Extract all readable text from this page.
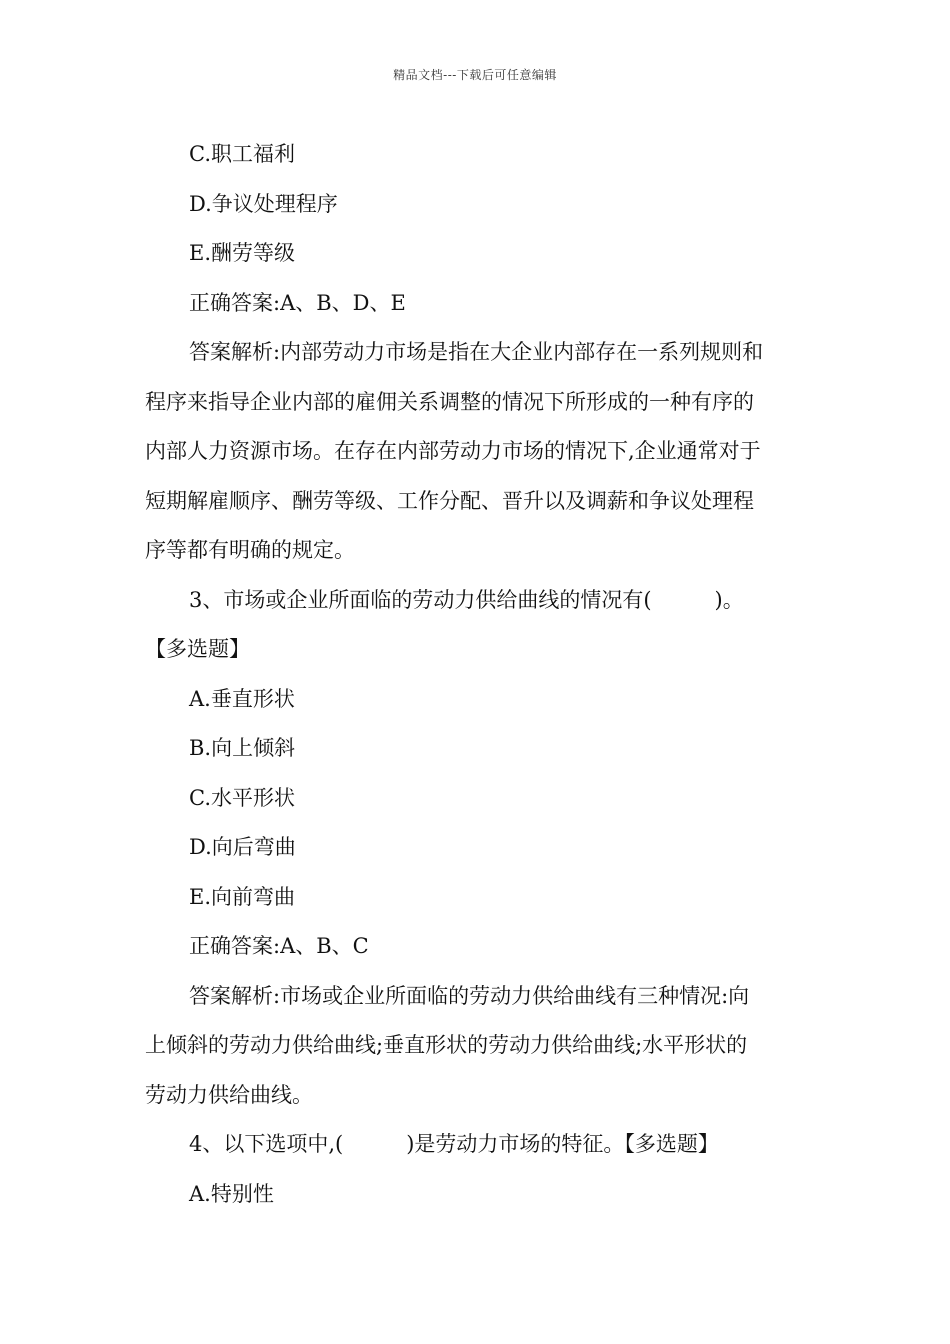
精品文档---下载后可任意编辑
C.职工福利
D.争议处理程序
E.酬劳等级
正确答案:A、B、D、E
答案解析:内部劳动力市场是指在大企业内部存在一系列规则和
程序来指导企业内部的雇佣关系调整的情况下所形成的一种有序的
内部人力资源市场。在存在内部劳动力市场的情况下,企业通常对于
短期解雇顺序、酬劳等级、工作分配、晋升以及调薪和争议处理程
序等都有明确的规定。
3、市场或企业所面临的劳动力供给曲线的情况有(　　　)。
【多选题】
A.垂直形状
B.向上倾斜
C.水平形状
D.向后弯曲
E.向前弯曲
正确答案:A、B、C
答案解析:市场或企业所面临的劳动力供给曲线有三种情况:向
上倾斜的劳动力供给曲线;垂直形状的劳动力供给曲线;水平形状的
劳动力供给曲线。
4、以下选项中,(　　　)是劳动力市场的特征。【多选题】
A.特别性
